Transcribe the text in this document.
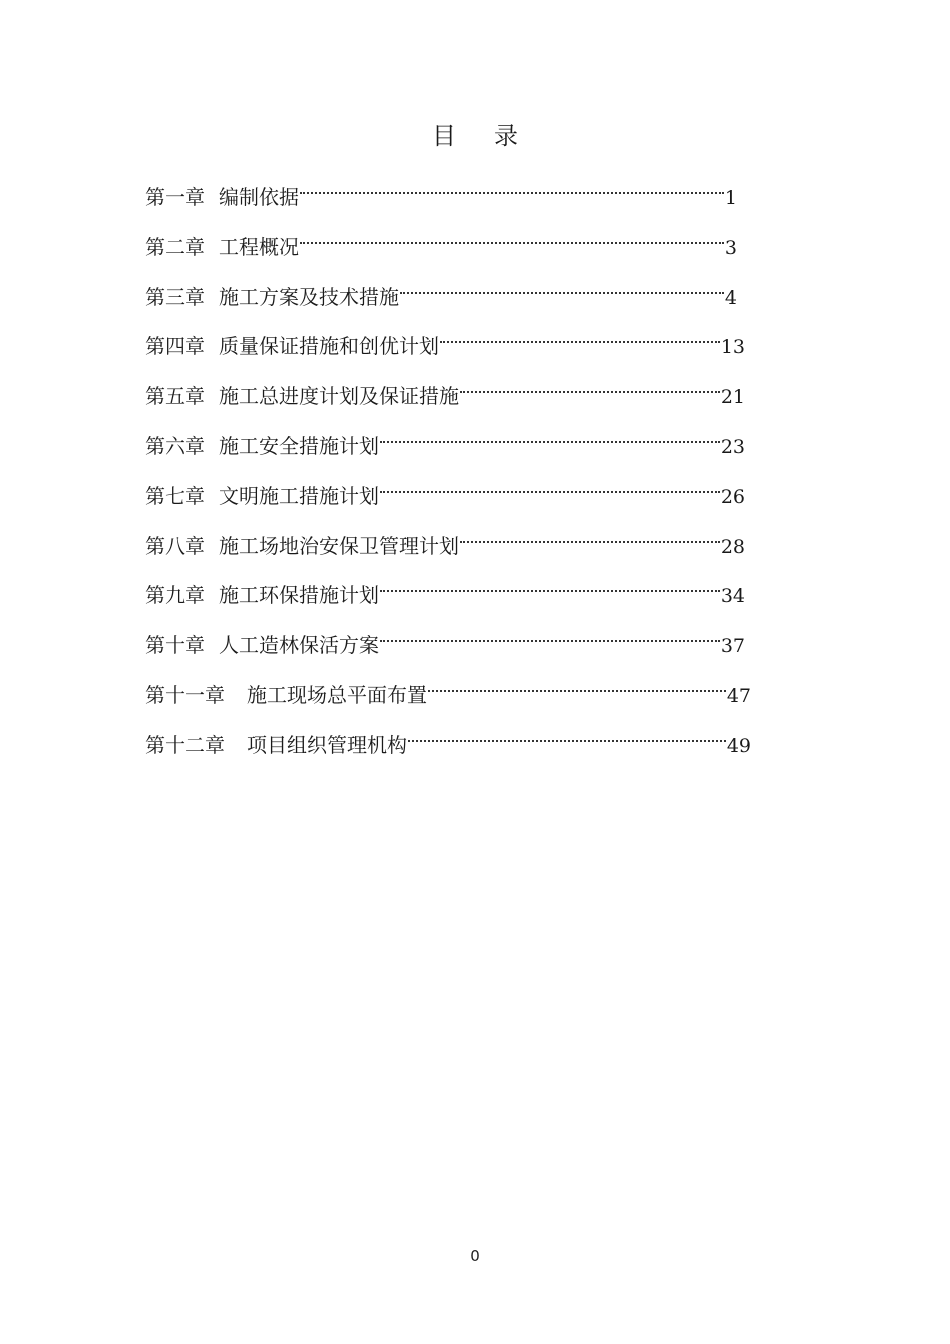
目 录
第一章 编制依据	1
第二章 工程概况	3
第三章 施工方案及技术措施	4
第四章 质量保证措施和创优计划	13
第五章 施工总进度计划及保证措施	21
第六章 施工安全措施计划	23
第七章 文明施工措施计划	26
第八章 施工场地治安保卫管理计划	28
第九章 施工环保措施计划	34
第十章 人工造林保活方案	37
第十一章 施工现场总平面布置	47
第十二章 项目组织管理机构	49
0
